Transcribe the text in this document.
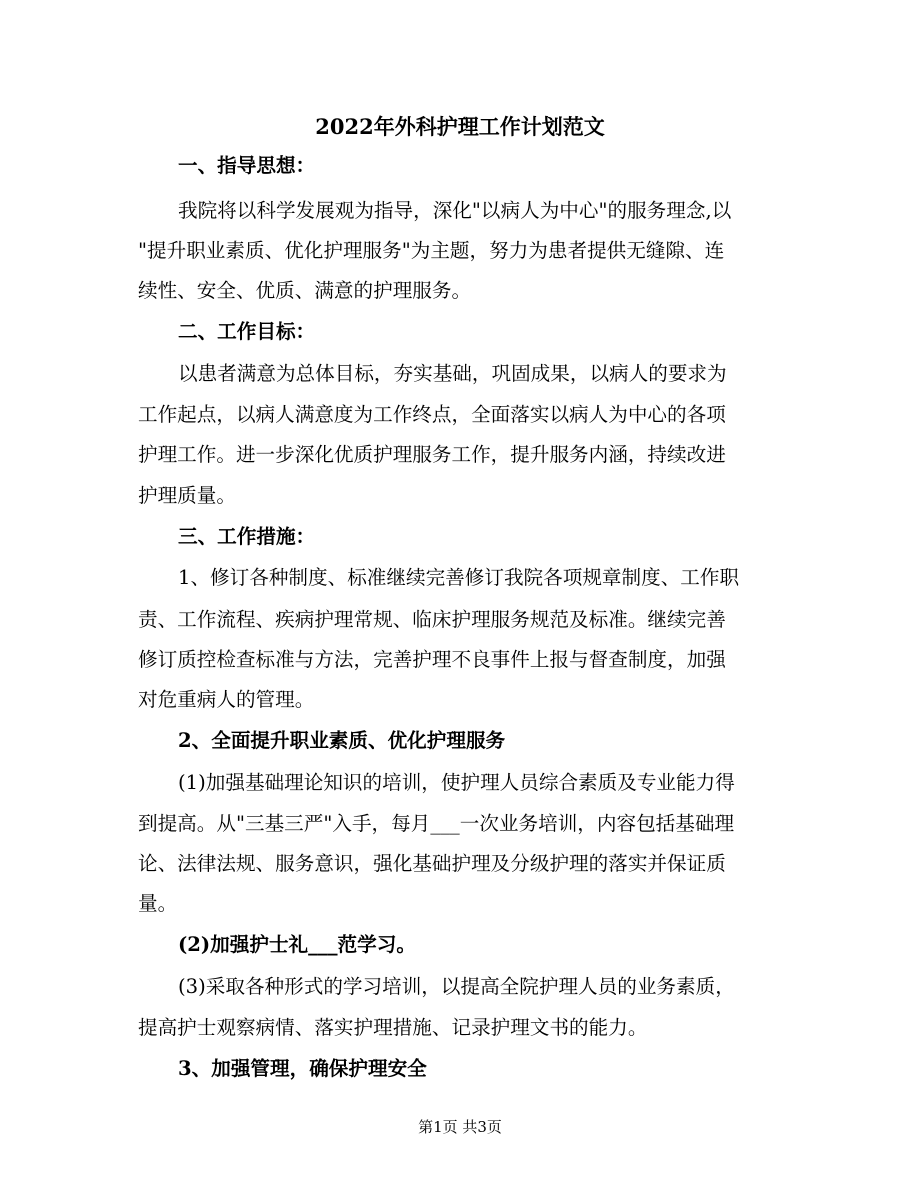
2022年外科护理工作计划范文
一、指导思想：
我院将以科学发展观为指导，深化"以病人为中心"的服务理念,以
"提升职业素质、优化护理服务"为主题，努力为患者提供无缝隙、连
续性、安全、优质、满意的护理服务。
二、工作目标：
以患者满意为总体目标，夯实基础，巩固成果，以病人的要求为
工作起点，以病人满意度为工作终点，全面落实以病人为中心的各项
护理工作。进一步深化优质护理服务工作，提升服务内涵，持续改进
护理质量。
三、工作措施：
1、修订各种制度、标准继续完善修订我院各项规章制度、工作职
责、工作流程、疾病护理常规、临床护理服务规范及标准。继续完善
修订质控检查标准与方法，完善护理不良事件上报与督查制度，加强
对危重病人的管理。
2、全面提升职业素质、优化护理服务
(1)加强基础理论知识的培训，使护理人员综合素质及专业能力得
到提高。从"三基三严"入手，每月___一次业务培训，内容包括基础理
论、法律法规、服务意识，强化基础护理及分级护理的落实并保证质
量。
(2)加强护士礼___范学习。
(3)采取各种形式的学习培训，以提高全院护理人员的业务素质，
提高护士观察病情、落实护理措施、记录护理文书的能力。
3、加强管理，确保护理安全
第1页 共3页
